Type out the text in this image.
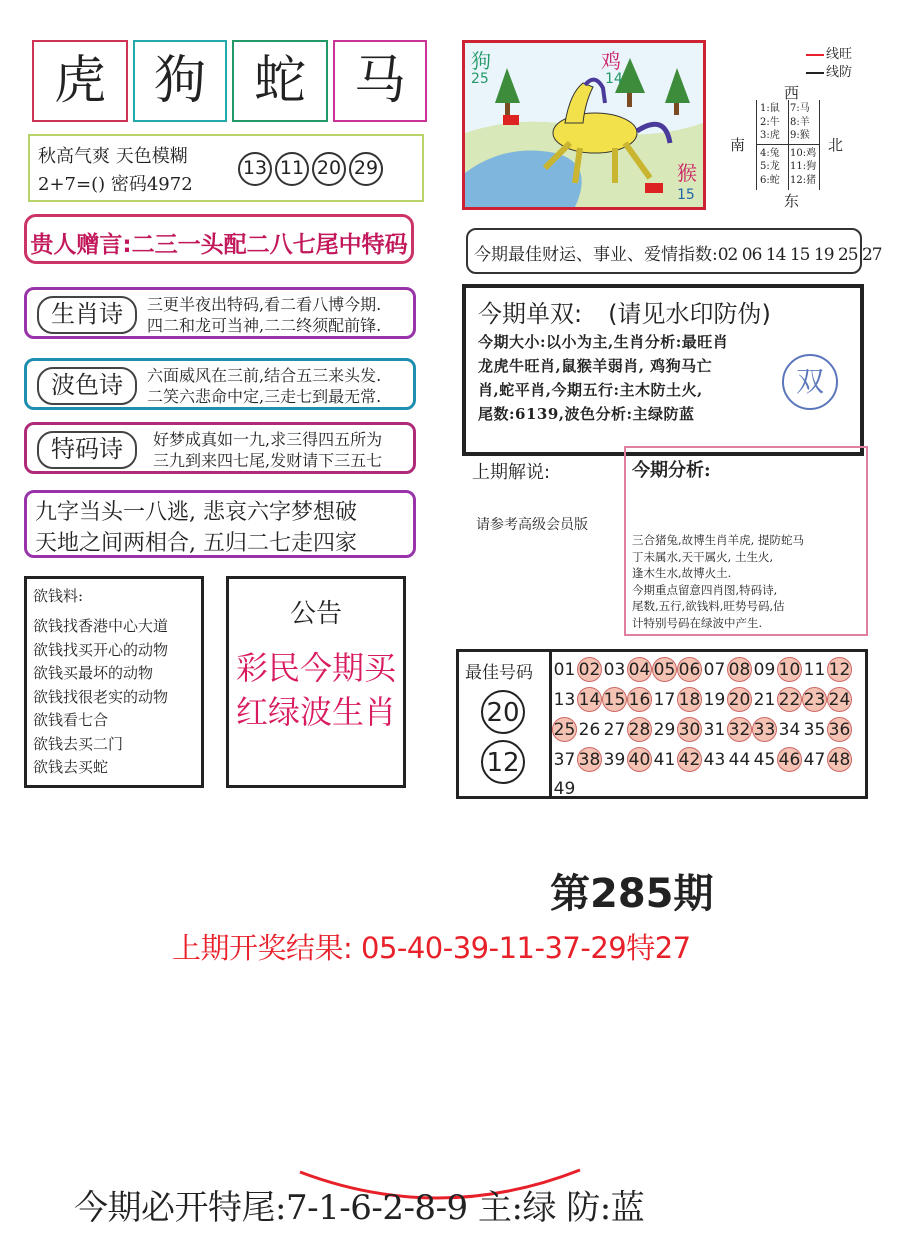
虎 狗 蛇 马
秋高气爽 天色模糊
2+7=() 密码4972
13 11 20 29
贵人赠言:二三一头配二八七尾中特码
生肖诗	三更半夜出特码,看二看八博今期.
四二和龙可当神,二二终须配前锋.
波色诗	六面威风在三前,结合五三来头发.
二笑六悲命中定,三走七到最无常.
特码诗	好梦成真如一九,求三得四五所为
三九到来四七尾,发财请下三五七
九字当头一八逃, 悲哀六字梦想破
天地之间两相合, 五归二七走四家
欲钱料:
欲钱找香港中心大道
欲钱找买开心的动物
欲钱买最坏的动物
欲钱找很老实的动物
欲钱看七合
欲钱去买二门
欲钱去买蛇
公告
彩民今期买
红绿波生肖
狗
25
鸡
14
猴
15
线旺
线防
西
南	北
东
1:鼠
2:牛
3:虎
4:兔
5:龙
6:蛇
7:马
8:羊
9:猴
10:鸡
11:狗
12:猪
今期最佳财运、事业、爱情指数:02 06 14 15 19 25 27
今期单双: (请见水印防伪)
今期大小:以小为主,生肖分析:最旺肖
龙虎牛旺肖,鼠猴羊弱肖, 鸡狗马亡
肖,蛇平肖,今期五行:主木防土火,
尾数:6139,波色分析:主绿防蓝
双
上期解说:
请参考高级会员版
今期分析:
三合猪兔,故博生肖羊虎, 提防蛇马
丁未属水,天干属火, 土生火,
逢木生水,故博火土.
今期重点留意四肖图,特码诗,
尾数,五行,欲钱料,旺势号码,估
计特别号码在绿波中产生.
最佳号码
20
12
01 02 03 04 05 06 07 08 09 10 11 12
13 14 15 16 17 18 19 20 21 22 23 24
25 26 27 28 29 30 31 32 33 34 35 36
37 38 39 40 41 42 43 44 45 46 47 48
49
第285期
上期开奖结果: 05-40-39-11-37-29特27
今期必开特尾:7-1-6-2-8-9 主:绿 防:蓝
